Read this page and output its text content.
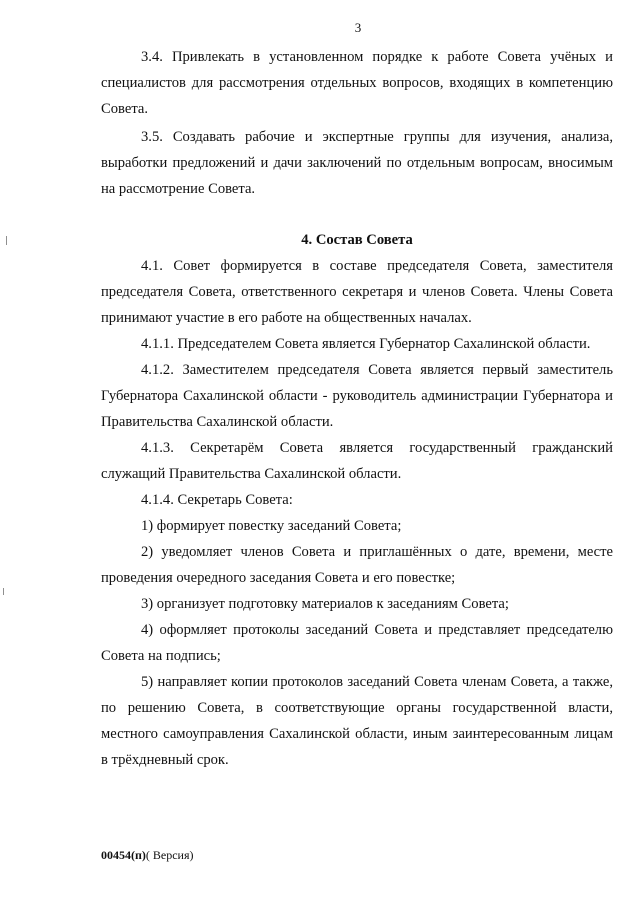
3

3.4. Привлекать в установленном порядке к работе Совета учёных и специалистов для рассмотрения отдельных вопросов, входящих в компетенцию Совета.

3.5. Создавать рабочие и экспертные группы для изучения, анализа, выработки предложений и дачи заключений по отдельным вопросам, вносимым на рассмотрение Совета.

4. Состав Совета

4.1. Совет формируется в составе председателя Совета, заместителя председателя Совета, ответственного секретаря и членов Совета. Члены Совета принимают участие в его работе на общественных началах.

4.1.1. Председателем Совета является Губернатор Сахалинской области.

4.1.2. Заместителем председателя Совета является первый заместитель Губернатора Сахалинской области - руководитель администрации Губернатора и Правительства Сахалинской области.

4.1.3. Секретарём Совета является государственный гражданский служащий Правительства Сахалинской области.

4.1.4. Секретарь Совета:

1) формирует повестку заседаний Совета;

2) уведомляет членов Совета и приглашённых о дате, времени, месте проведения очередного заседания Совета и его повестке;

3) организует подготовку материалов к заседаниям Совета;

4) оформляет протоколы заседаний Совета и представляет председателю Совета на подпись;

5) направляет копии протоколов заседаний Совета членам Совета, а также, по решению Совета, в соответствующие органы государственной власти, местного самоуправления Сахалинской области, иным заинтересованным лицам в трёхдневный срок.

00454(п)( Версия)
